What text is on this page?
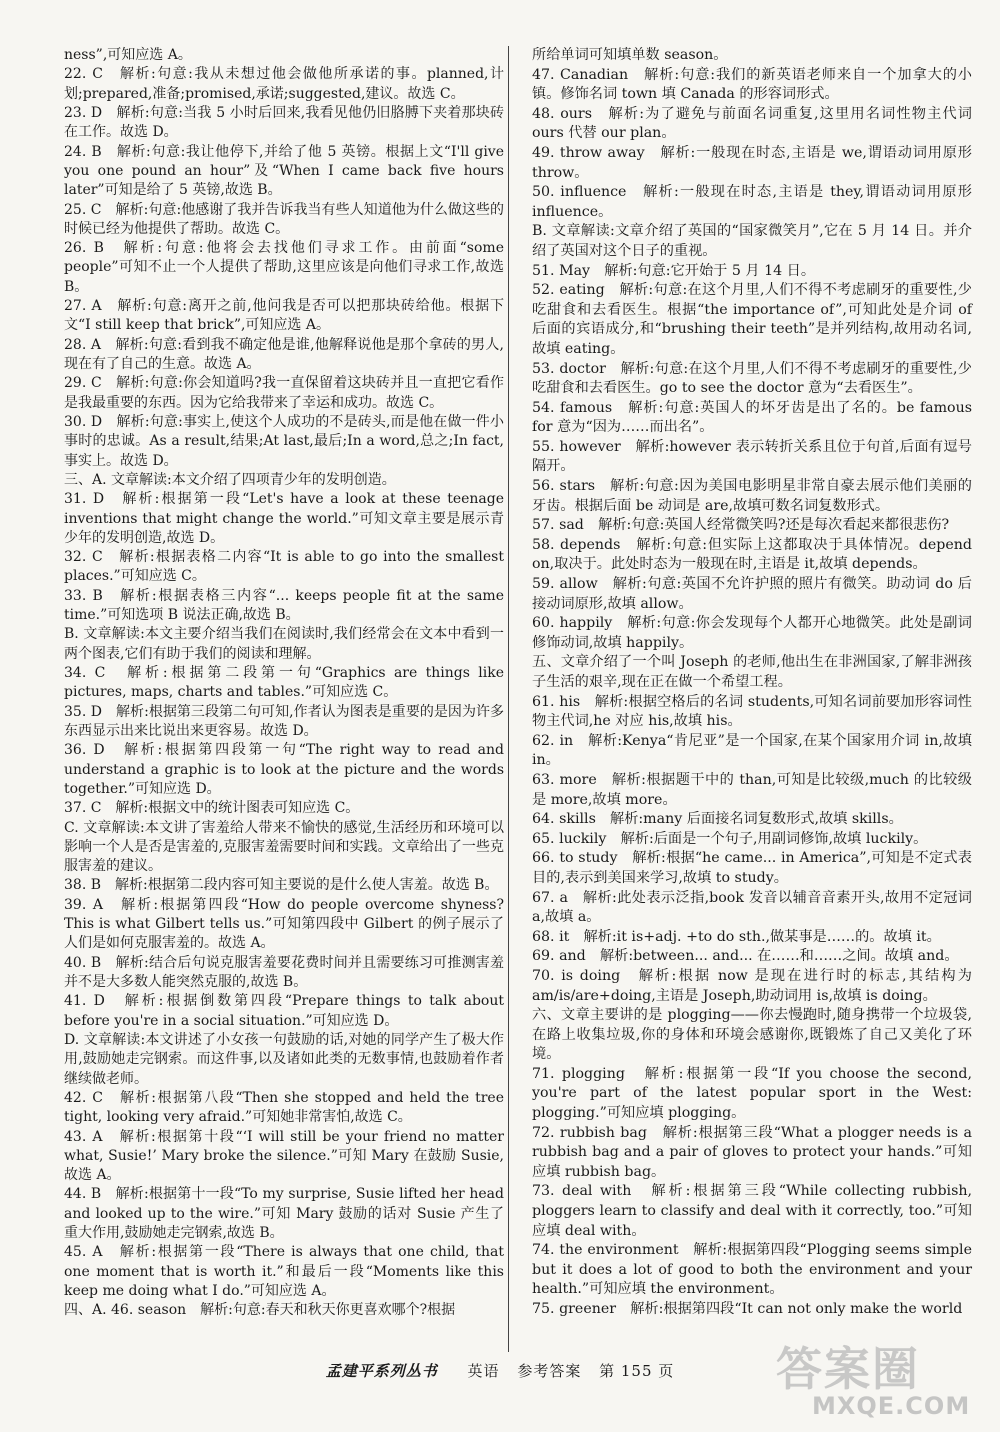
ness”,可知应选 A。
22. C　解析:句意:我从未想过他会做他所承诺的事。planned,计划;prepared,准备;promised,承诺;suggested,建议。故选 C。
23. D　解析:句意:当我 5 小时后回来,我看见他仍旧胳膊下夹着那块砖在工作。故选 D。
24. B　解析:句意:我让他停下,并给了他 5 英镑。根据上文“I'll give you one pound an hour”及“When I came back five hours later”可知是给了 5 英镑,故选 B。
25. C　解析:句意:他感谢了我并告诉我当有些人知道他为什么做这些的时候已经为他提供了帮助。故选 C。
26. B　解析:句意:他将会去找他们寻求工作。由前面“some people”可知不止一个人提供了帮助,这里应该是向他们寻求工作,故选 B。
27. A　解析:句意:离开之前,他问我是否可以把那块砖给他。根据下文“I still keep that brick”,可知应选 A。
28. A　解析:句意:看到我不确定他是谁,他解释说他是那个拿砖的男人,现在有了自己的生意。故选 A。
29. C　解析:句意:你会知道吗?我一直保留着这块砖并且一直把它看作是我最重要的东西。因为它给我带来了幸运和成功。故选 C。
30. D　解析:句意:事实上,使这个人成功的不是砖头,而是他在做一件小事时的忠诚。As a result,结果;At last,最后;In a word,总之;In fact,事实上。故选 D。
三、A. 文章解读:本文介绍了四项青少年的发明创造。
31. D　解析:根据第一段“Let's have a look at these teenage inventions that might change the world.”可知文章主要是展示青少年的发明创造,故选 D。
32. C　解析:根据表格二内容“It is able to go into the smallest places.”可知应选 C。
33. B　解析:根据表格三内容“... keeps people fit at the same time.”可知选项 B 说法正确,故选 B。
B. 文章解读:本文主要介绍当我们在阅读时,我们经常会在文本中看到一两个图表,它们有助于我们的阅读和理解。
34. C　解析:根据第二段第一句“Graphics are things like pictures, maps, charts and tables.”可知应选 C。
35. D　解析:根据第三段第二句可知,作者认为图表是重要的是因为许多东西显示出来比说出来更容易。故选 D。
36. D　解析:根据第四段第一句“The right way to read and understand a graphic is to look at the picture and the words together.”可知应选 D。
37. C　解析:根据文中的统计图表可知应选 C。
C. 文章解读:本文讲了害羞给人带来不愉快的感觉,生活经历和环境可以影响一个人是否是害羞的,克服害羞需要时间和实践。文章给出了一些克服害羞的建议。
38. B　解析:根据第二段内容可知主要说的是什么使人害羞。故选 B。
39. A　解析:根据第四段“How do people overcome shyness? This is what Gilbert tells us.”可知第四段中 Gilbert 的例子展示了人们是如何克服害羞的。故选 A。
40. B　解析:结合后句说克服害羞要花费时间并且需要练习可推测害羞并不是大多数人能突然克服的,故选 B。
41. D　解析:根据倒数第四段“Prepare things to talk about before you're in a social situation.”可知应选 D。
D. 文章解读:本文讲述了小女孩一句鼓励的话,对她的同学产生了极大作用,鼓励她走完钢索。而这件事,以及诸如此类的无数事情,也鼓励着作者继续做老师。
42. C　解析:根据第八段“Then she stopped and held the tree tight, looking very afraid.”可知她非常害怕,故选 C。
43. A　解析:根据第十段“‘I will still be your friend no matter what, Susie!’ Mary broke the silence.”可知 Mary 在鼓励 Susie,故选 A。
44. B　解析:根据第十一段“To my surprise, Susie lifted her head and looked up to the wire.”可知 Mary 鼓励的话对 Susie 产生了重大作用,鼓励她走完钢索,故选 B。
45. A　解析:根据第一段“There is always that one child, that one moment that is worth it.”和最后一段“Moments like this keep me doing what I do.”可知应选 A。
四、A. 46. season　解析:句意:春天和秋天你更喜欢哪个?根据
所给单词可知填单数 season。
47. Canadian　解析:句意:我们的新英语老师来自一个加拿大的小镇。修饰名词 town 填 Canada 的形容词形式。
48. ours　解析:为了避免与前面名词重复,这里用名词性物主代词 ours 代替 our plan。
49. throw away　解析:一般现在时态,主语是 we,谓语动词用原形 throw。
50. influence　解析:一般现在时态,主语是 they,谓语动词用原形 influence。
B. 文章解读:文章介绍了英国的“国家微笑月”,它在 5 月 14 日。并介绍了英国对这个日子的重视。
51. May　解析:句意:它开始于 5 月 14 日。
52. eating　解析:句意:在这个月里,人们不得不考虑刷牙的重要性,少吃甜食和去看医生。根据“the importance of”,可知此处是介词 of 后面的宾语成分,和“brushing their teeth”是并列结构,故用动名词,故填 eating。
53. doctor　解析:句意:在这个月里,人们不得不考虑刷牙的重要性,少吃甜食和去看医生。go to see the doctor 意为“去看医生”。
54. famous　解析:句意:英国人的坏牙齿是出了名的。be famous for 意为“因为……而出名”。
55. however　解析:however 表示转折关系且位于句首,后面有逗号隔开。
56. stars　解析:句意:因为美国电影明星非常自豪去展示他们美丽的牙齿。根据后面 be 动词是 are,故填可数名词复数形式。
57. sad　解析:句意:英国人经常微笑吗?还是每次看起来都很悲伤?
58. depends　解析:句意:但实际上这都取决于具体情况。depend on,取决于。此处时态为一般现在时,主语是 it,故填 depends。
59. allow　解析:句意:英国不允许护照的照片有微笑。助动词 do 后接动词原形,故填 allow。
60. happily　解析:句意:你会发现每个人都开心地微笑。此处是副词修饰动词,故填 happily。
五、文章介绍了一个叫 Joseph 的老师,他出生在非洲国家,了解非洲孩子生活的艰辛,现在正在做一个希望工程。
61. his　解析:根据空格后的名词 students,可知名词前要加形容词性物主代词,he 对应 his,故填 his。
62. in　解析:Kenya“肯尼亚”是一个国家,在某个国家用介词 in,故填 in。
63. more　解析:根据题干中的 than,可知是比较级,much 的比较级是 more,故填 more。
64. skills　解析:many 后面接名词复数形式,故填 skills。
65. luckily　解析:后面是一个句子,用副词修饰,故填 luckily。
66. to study　解析:根据“he came... in America”,可知是不定式表目的,表示到美国来学习,故填 to study。
67. a　解析:此处表示泛指,book 发音以辅音音素开头,故用不定冠词 a,故填 a。
68. it　解析:it is+adj. +to do sth.,做某事是……的。故填 it。
69. and　解析:between... and... 在……和……之间。故填 and。
70. is doing　解析:根据 now 是现在进行时的标志,其结构为 am/is/are+doing,主语是 Joseph,助动词用 is,故填 is doing。
六、文章主要讲的是 plogging——你去慢跑时,随身携带一个垃圾袋,在路上收集垃圾,你的身体和环境会感谢你,既锻炼了自己又美化了环境。
71. plogging　解析:根据第一段“If you choose the second, you're part of the latest popular sport in the West: plogging.”可知应填 plogging。
72. rubbish bag　解析:根据第三段“What a plogger needs is a rubbish bag and a pair of gloves to protect your hands.”可知应填 rubbish bag。
73. deal with　解析:根据第三段“While collecting rubbish, ploggers learn to classify and deal with it correctly, too.”可知应填 deal with。
74. the environment　解析:根据第四段“Plogging seems simple but it does a lot of good to both the environment and your health.”可知应填 the environment。
75. greener　解析:根据第四段“It can not only make the world
孟建平系列丛书 英语 参考答案 第 155 页	答案圈
MXQE.COM
